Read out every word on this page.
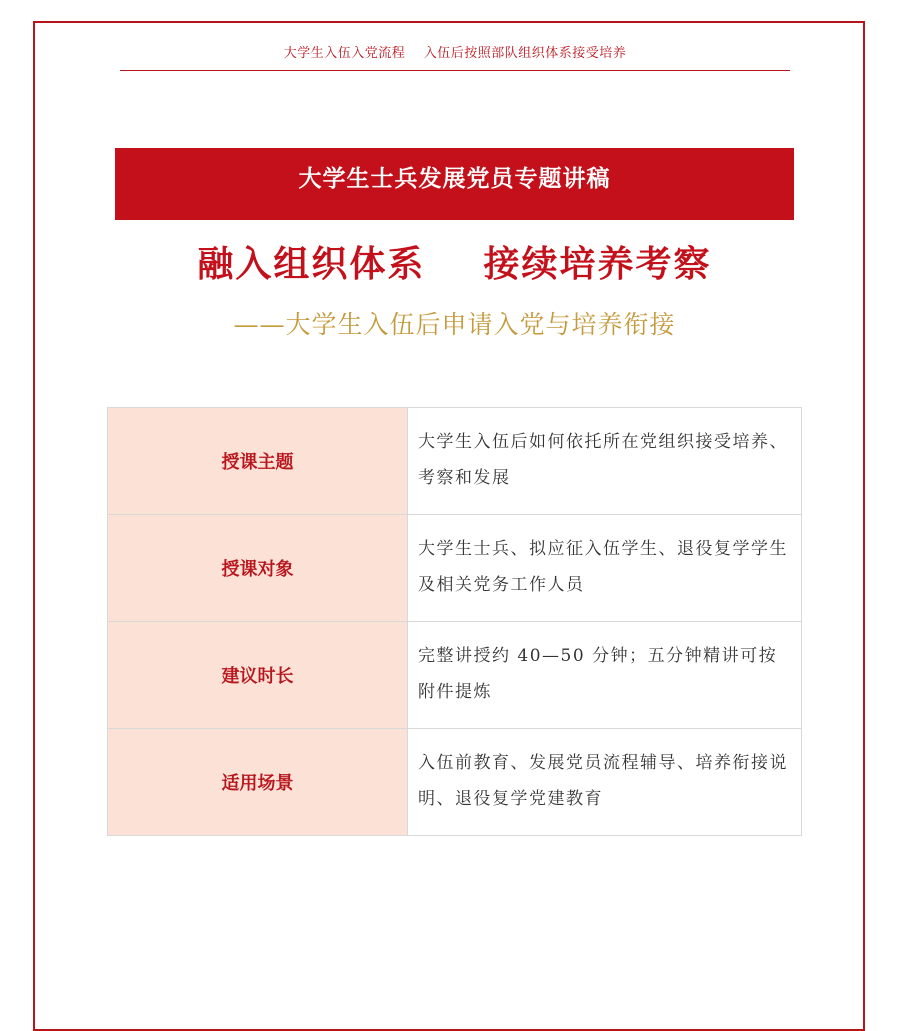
大学生入伍入党流程    入伍后按照部队组织体系接受培养
大学生士兵发展党员专题讲稿
融入组织体系    接续培养考察
——大学生入伍后申请入党与培养衔接
授课主题	大学生入伍后如何依托所在党组织接受培养、考察和发展
授课对象	大学生士兵、拟应征入伍学生、退役复学学生及相关党务工作人员
建议时长	完整讲授约 40—50 分钟；五分钟精讲可按附件提炼
适用场景	入伍前教育、发展党员流程辅导、培养衔接说明、退役复学党建教育
